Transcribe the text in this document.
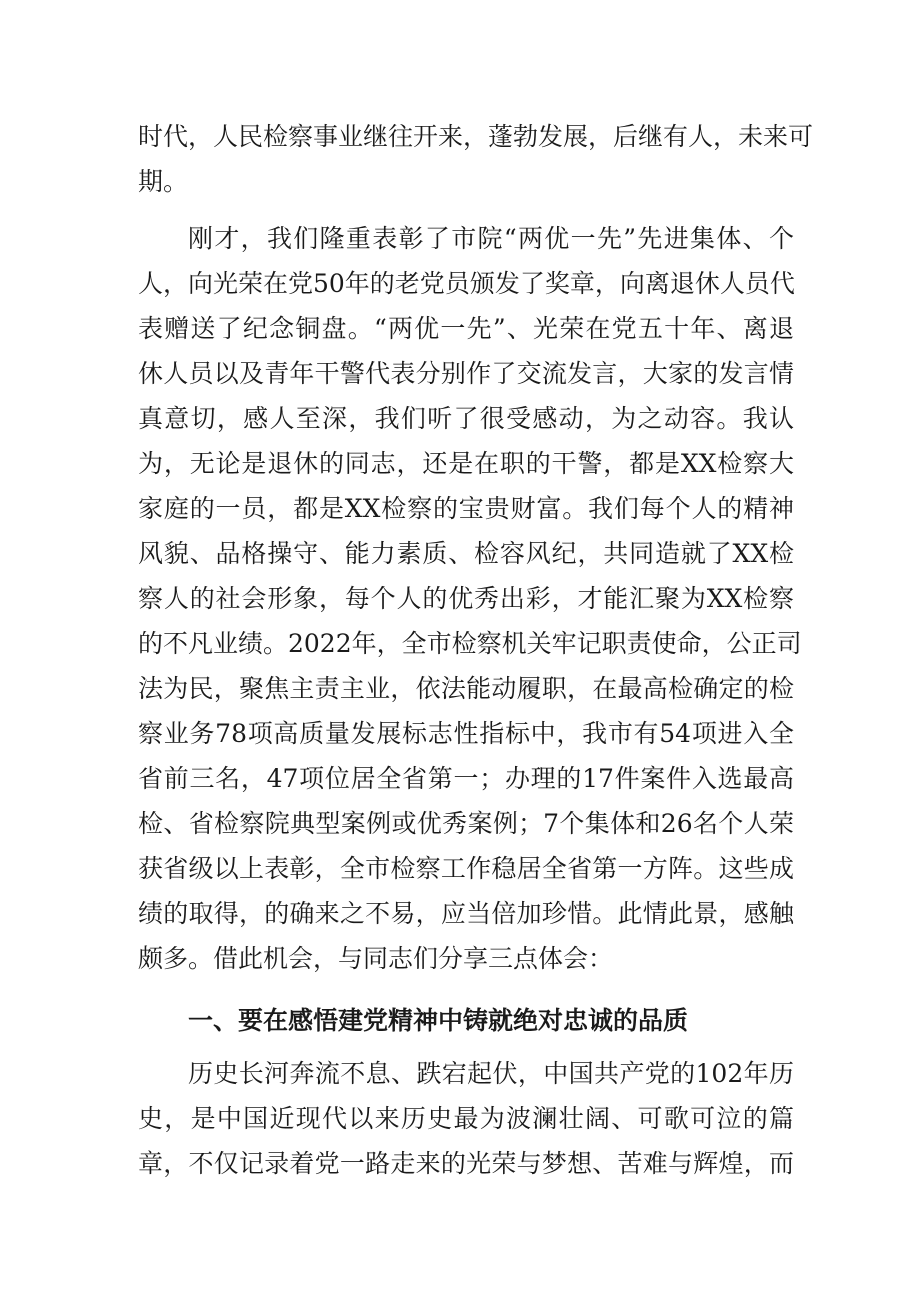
时代，人民检察事业继往开来，蓬勃发展，后继有人，未来可
期。
刚才，我们隆重表彰了市院“两优一先”先进集体、个
人，向光荣在党50年的老党员颁发了奖章，向离退休人员代
表赠送了纪念铜盘。“两优一先”、光荣在党五十年、离退
休人员以及青年干警代表分别作了交流发言，大家的发言情
真意切，感人至深，我们听了很受感动，为之动容。我认
为，无论是退休的同志，还是在职的干警，都是XX检察大
家庭的一员，都是XX检察的宝贵财富。我们每个人的精神
风貌、品格操守、能力素质、检容风纪，共同造就了XX检
察人的社会形象，每个人的优秀出彩，才能汇聚为XX检察
的不凡业绩。2022年，全市检察机关牢记职责使命，公正司
法为民，聚焦主责主业，依法能动履职，在最高检确定的检
察业务78项高质量发展标志性指标中，我市有54项进入全
省前三名，47项位居全省第一；办理的17件案件入选最高
检、省检察院典型案例或优秀案例；7个集体和26名个人荣
获省级以上表彰，全市检察工作稳居全省第一方阵。这些成
绩的取得，的确来之不易，应当倍加珍惜。此情此景，感触
颇多。借此机会，与同志们分享三点体会：
一、要在感悟建党精神中铸就绝对忠诚的品质
历史长河奔流不息、跌宕起伏，中国共产党的102年历
史，是中国近现代以来历史最为波澜壮阔、可歌可泣的篇
章，不仅记录着党一路走来的光荣与梦想、苦难与辉煌，而
